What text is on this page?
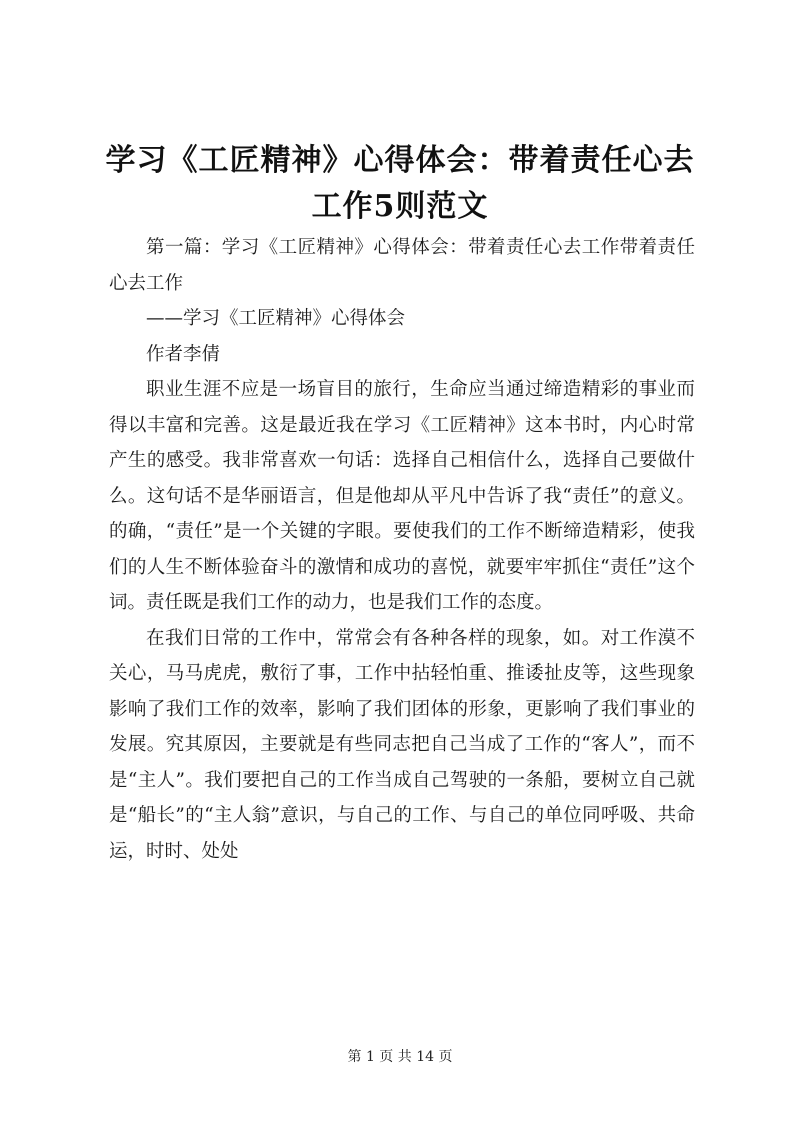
学习《工匠精神》心得体会：带着责任心去工作5则范文

第一篇：学习《工匠精神》心得体会：带着责任心去工作带着责任心去工作

——学习《工匠精神》心得体会

作者李倩

职业生涯不应是一场盲目的旅行，生命应当通过缔造精彩的事业而得以丰富和完善。这是最近我在学习《工匠精神》这本书时，内心时常产生的感受。我非常喜欢一句话：选择自己相信什么，选择自己要做什么。这句话不是华丽语言，但是他却从平凡中告诉了我“责任”的意义。的确，“责任”是一个关键的字眼。要使我们的工作不断缔造精彩，使我们的人生不断体验奋斗的激情和成功的喜悦，就要牢牢抓住“责任”这个词。责任既是我们工作的动力，也是我们工作的态度。

在我们日常的工作中，常常会有各种各样的现象，如。对工作漠不关心，马马虎虎，敷衍了事，工作中拈轻怕重、推诿扯皮等，这些现象影响了我们工作的效率，影响了我们团体的形象，更影响了我们事业的发展。究其原因，主要就是有些同志把自己当成了工作的“客人”，而不是“主人”。我们要把自己的工作当成自己驾驶的一条船，要树立自己就是“船长”的“主人翁”意识，与自己的工作、与自己的单位同呼吸、共命运，时时、处处

第 1 页 共 14 页
